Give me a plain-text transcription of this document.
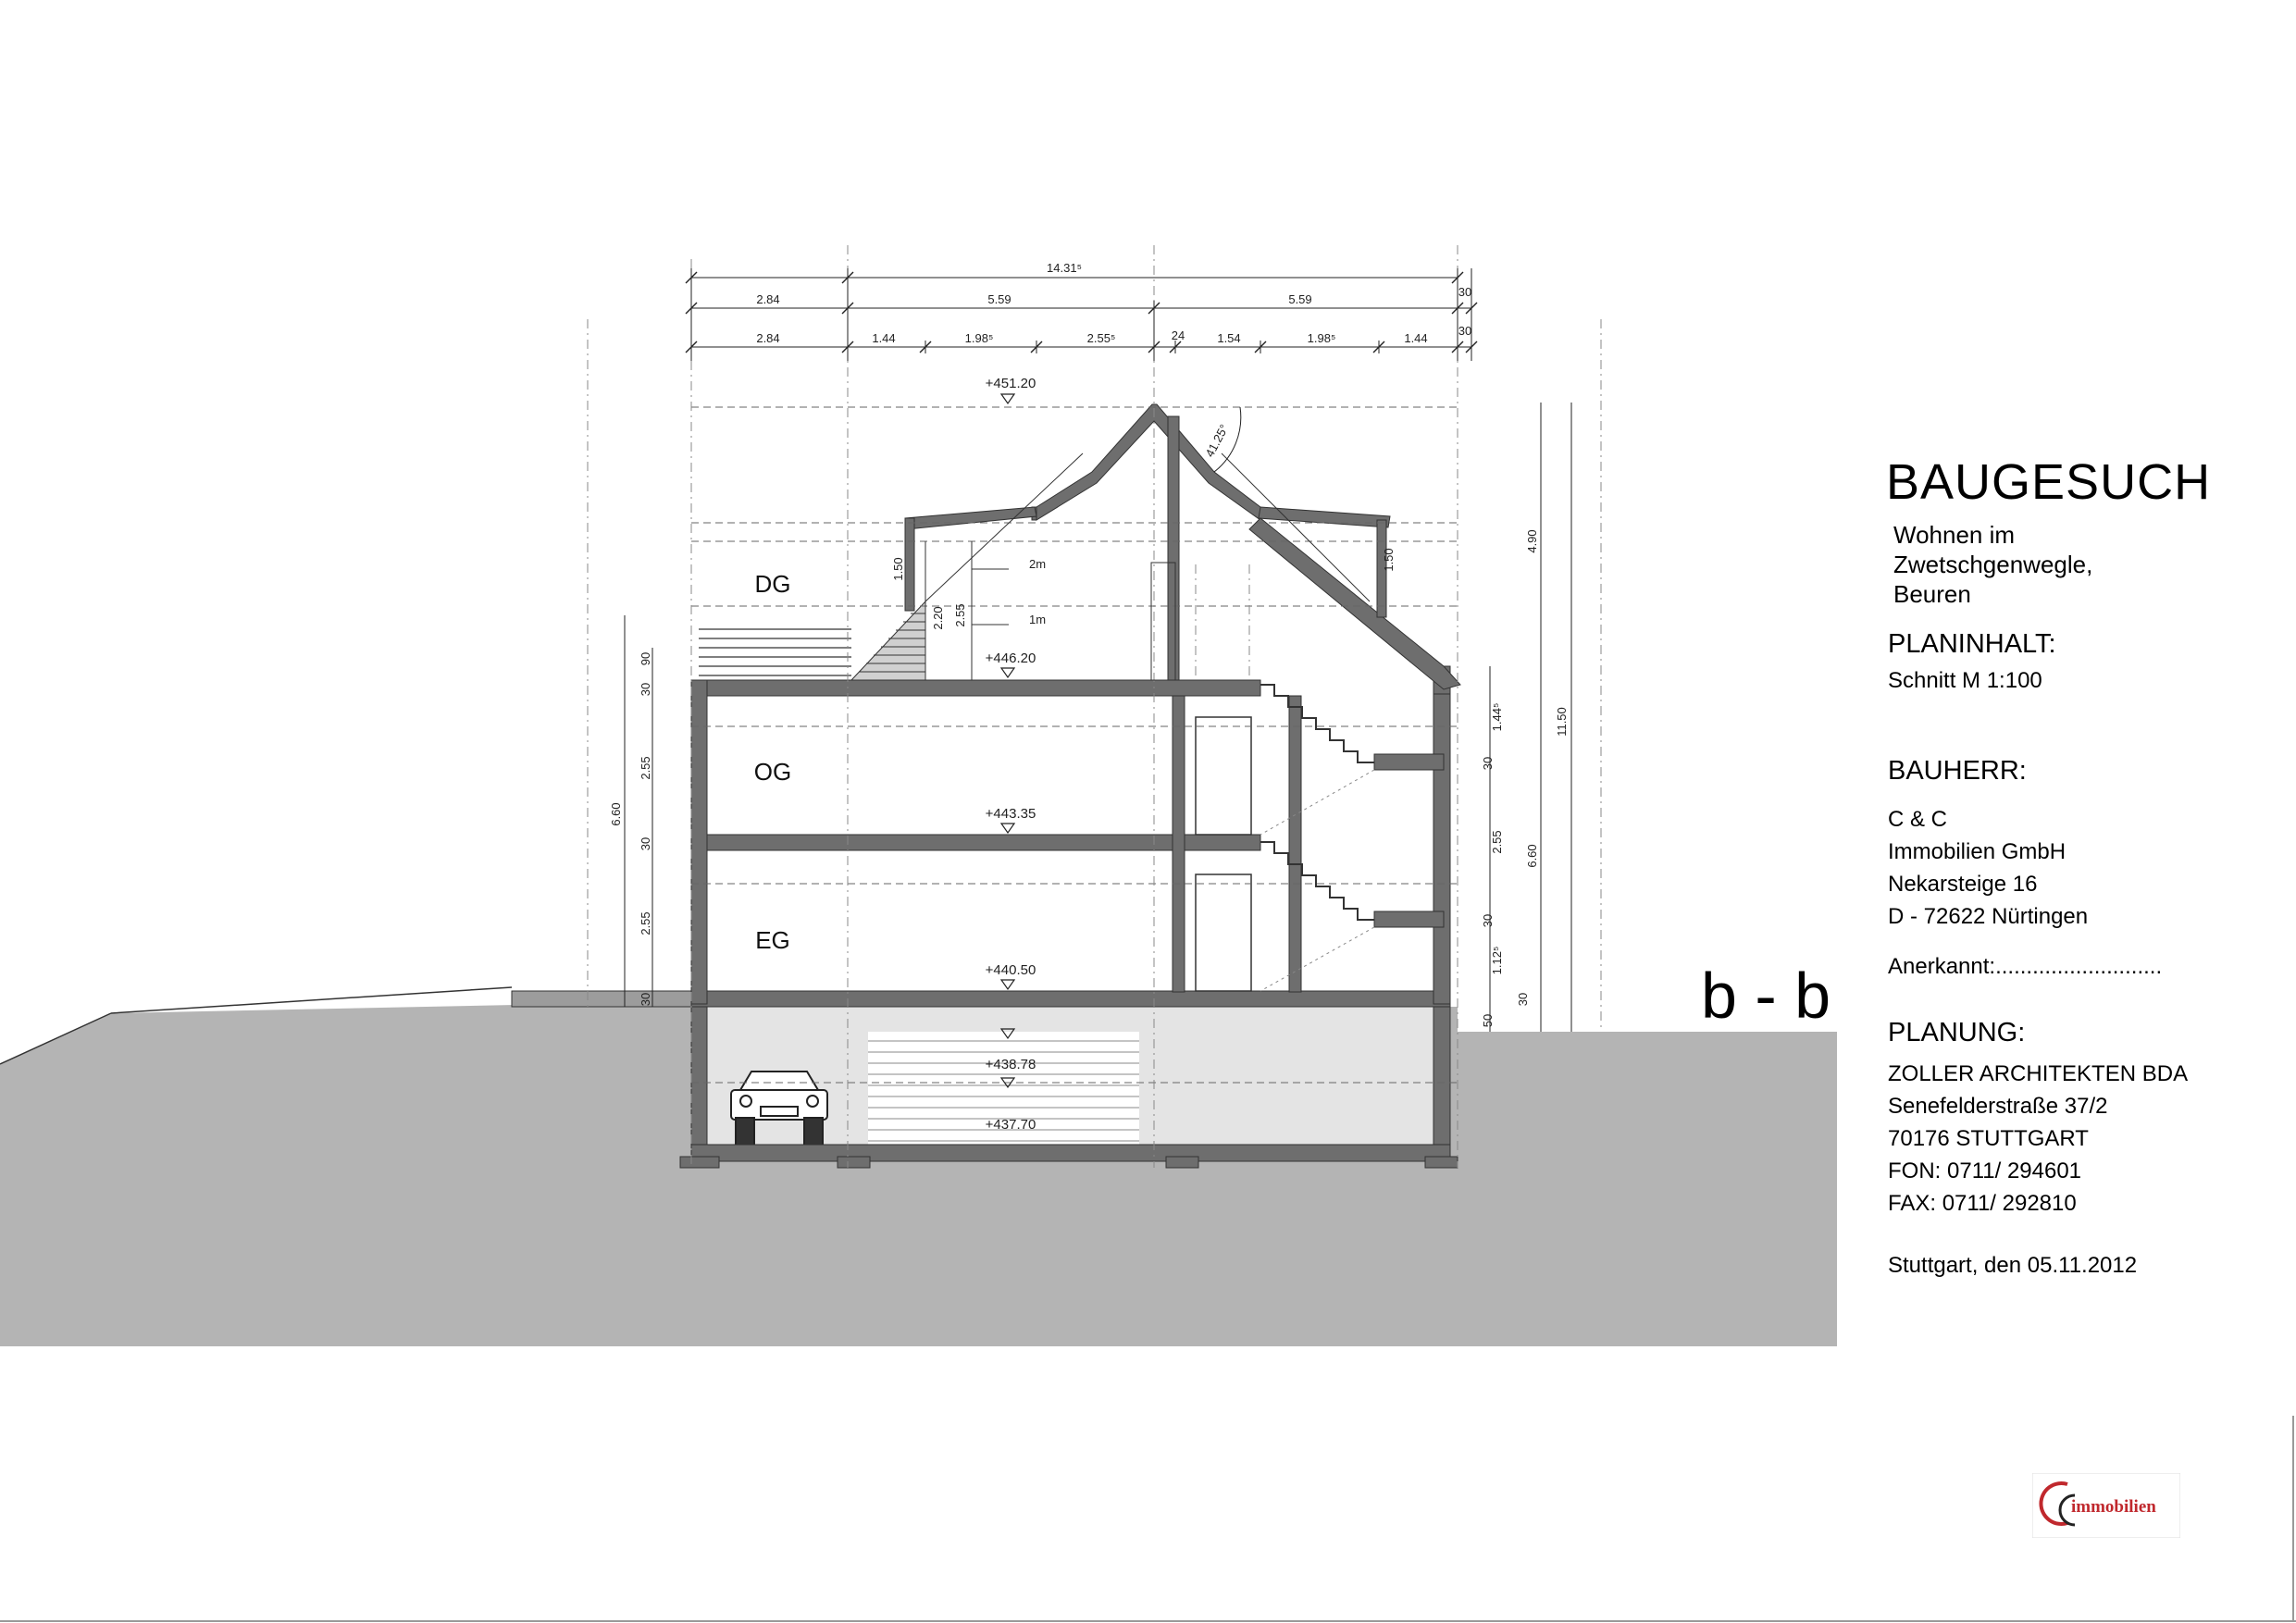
14.31⁵
2.84	5.59	5.59
30
2.84	1.44	1.98⁵	2.55⁵	24	1.54	1.98⁵	1.44
30
+451.20
+446.20
+443.35
+440.50
+438.78
+437.70
41.25°
DG
OG
EG
1.50
2.20 2.55
2m
1m
1.50
90
30
2.55
30
2.55
30
6.60
1.44⁵
30
2.55
30
1.12⁵
30
50
6.60
4.90
11.50
b - b
BAUGESUCH
Wohnen im
Zwetschgenwegle,
Beuren
PLANINHALT:
Schnitt M 1:100
BAUHERR:
C & C
Immobilien GmbH
Nekarsteige 16
D - 72622 Nürtingen
Anerkannt:...........................
PLANUNG:
ZOLLER ARCHITEKTEN BDA
Senefelderstraße 37/2
70176 STUTTGART
FON: 0711/ 294601
FAX: 0711/ 292810
Stuttgart, den 05.11.2012
immobilien
